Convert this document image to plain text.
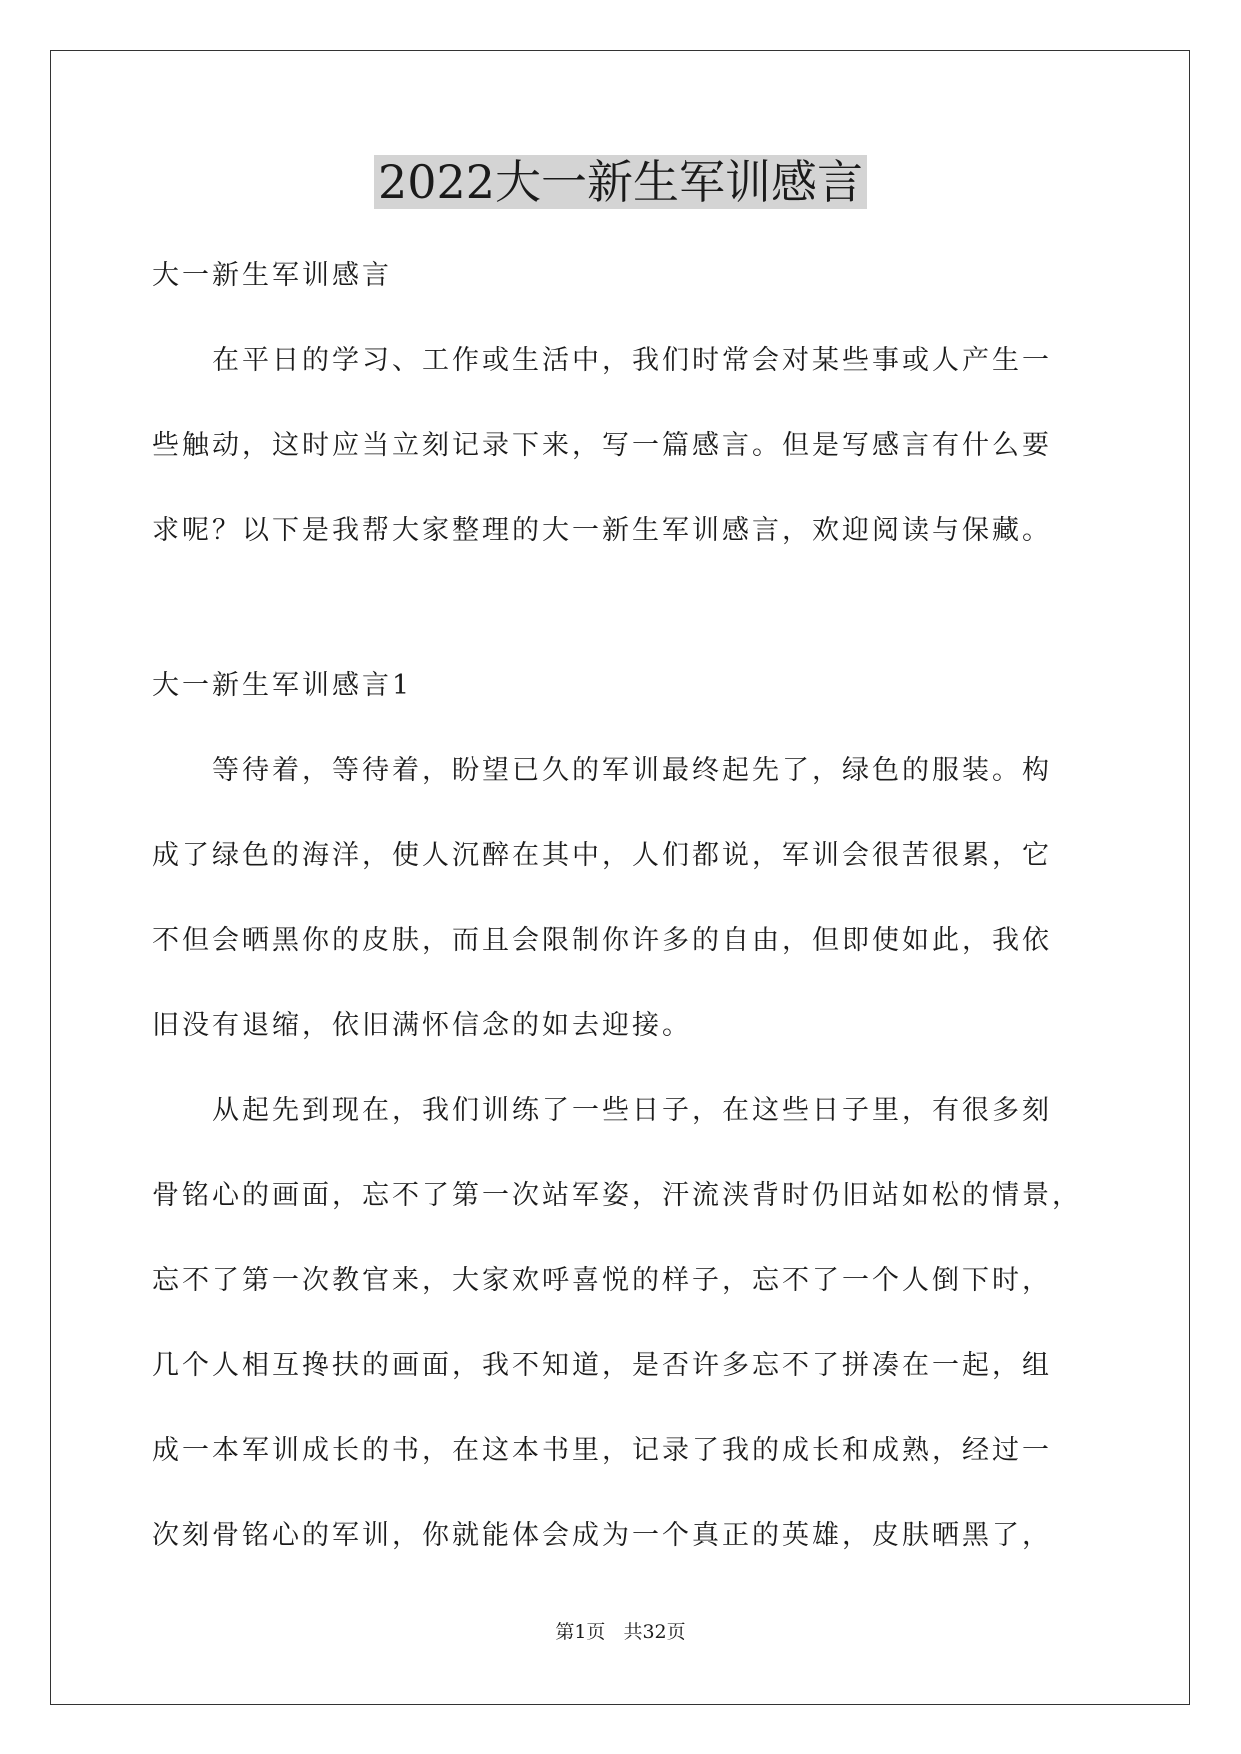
2022大一新生军训感言

大一新生军训感言

在平日的学习、工作或生活中，我们时常会对某些事或人产生一

些触动，这时应当立刻记录下来，写一篇感言。但是写感言有什么要

求呢？以下是我帮大家整理的大一新生军训感言，欢迎阅读与保藏。

大一新生军训感言1

等待着，等待着，盼望已久的军训最终起先了，绿色的服装。构

成了绿色的海洋，使人沉醉在其中，人们都说，军训会很苦很累，它

不但会晒黑你的皮肤，而且会限制你许多的自由，但即使如此，我依

旧没有退缩，依旧满怀信念的如去迎接。

从起先到现在，我们训练了一些日子，在这些日子里，有很多刻

骨铭心的画面，忘不了第一次站军姿，汗流浃背时仍旧站如松的情景，

忘不了第一次教官来，大家欢呼喜悦的样子，忘不了一个人倒下时，

几个人相互搀扶的画面，我不知道，是否许多忘不了拼凑在一起，组

成一本军训成长的书，在这本书里，记录了我的成长和成熟，经过一

次刻骨铭心的军训，你就能体会成为一个真正的英雄，皮肤晒黑了，

第1页 共32页
